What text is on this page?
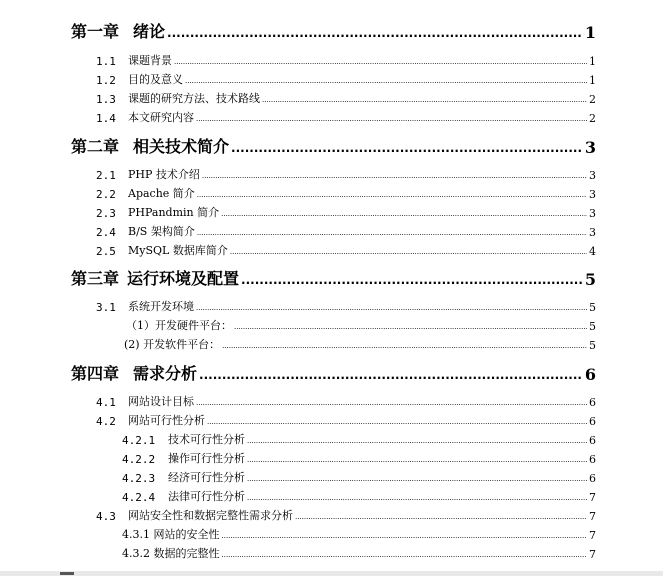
第一章 绪论 .....	1
1.1	课题背景 .....	1
1.2	目的及意义 .....	1
1.3	课题的研究方法、技术路线 .....	2
1.4	本文研究内容 .....	2
第二章 相关技术简介 .....	3
2.1	PHP 技术介绍 .....	3
2.2	Apache 简介 .....	3
2.3	PHPandmin 简介 .....	3
2.4	B/S 架构简介 .....	3
2.5	MySQL 数据库简介 .....	4
第三章 运行环境及配置 .....	5
3.1	系统开发环境 .....	5
（1）开发硬件平台： .....	5
(2) 开发软件平台： .....	5
第四章 需求分析 .....	6
4.1	网站设计目标 .....	6
4.2	网站可行性分析 .....	6
4.2.1	技术可行性分析 .....	6
4.2.2	操作可行性分析 .....	6
4.2.3	经济可行性分析 .....	6
4.2.4	法律可行性分析 .....	7
4.3	网站安全性和数据完整性需求分析 .....	7
4.3.1 网站的安全性 .....	7
4.3.2 数据的完整性 .....	7
